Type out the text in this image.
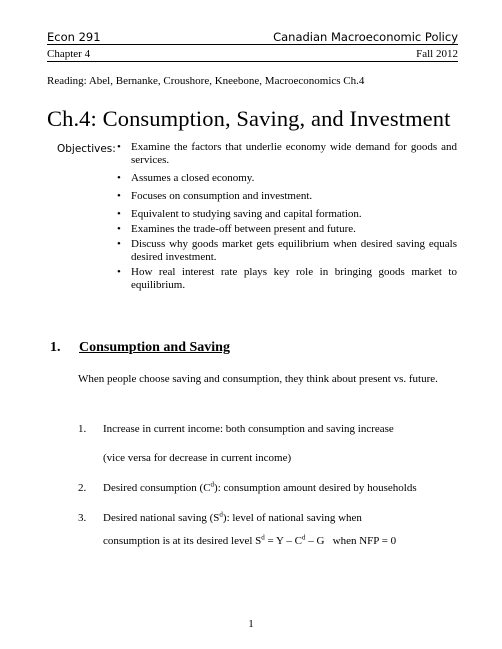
Econ 291	Canadian Macroeconomic Policy
Chapter 4	Fall 2012
Reading: Abel, Bernanke, Croushore, Kneebone, Macroeconomics Ch.4
Ch.4: Consumption, Saving, and Investment
Objectives: • Examine the factors that underlie economy wide demand for goods and services.
• Assumes a closed economy.
• Focuses on consumption and investment.
• Equivalent to studying saving and capital formation.
• Examines the trade-off between present and future.
• Discuss why goods market gets equilibrium when desired saving equals desired investment.
• How real interest rate plays key role in bringing goods market to equilibrium.
1. Consumption and Saving
When people choose saving and consumption, they think about present vs. future.
1. Increase in current income: both consumption and saving increase
(vice versa for decrease in current income)
2. Desired consumption $(C^d)$: consumption amount desired by households
3. Desired national saving $(S^d)$: level of national saving when
consumption is at its desired level $S^d = Y - C^d - G$   when NFP = 0
1
